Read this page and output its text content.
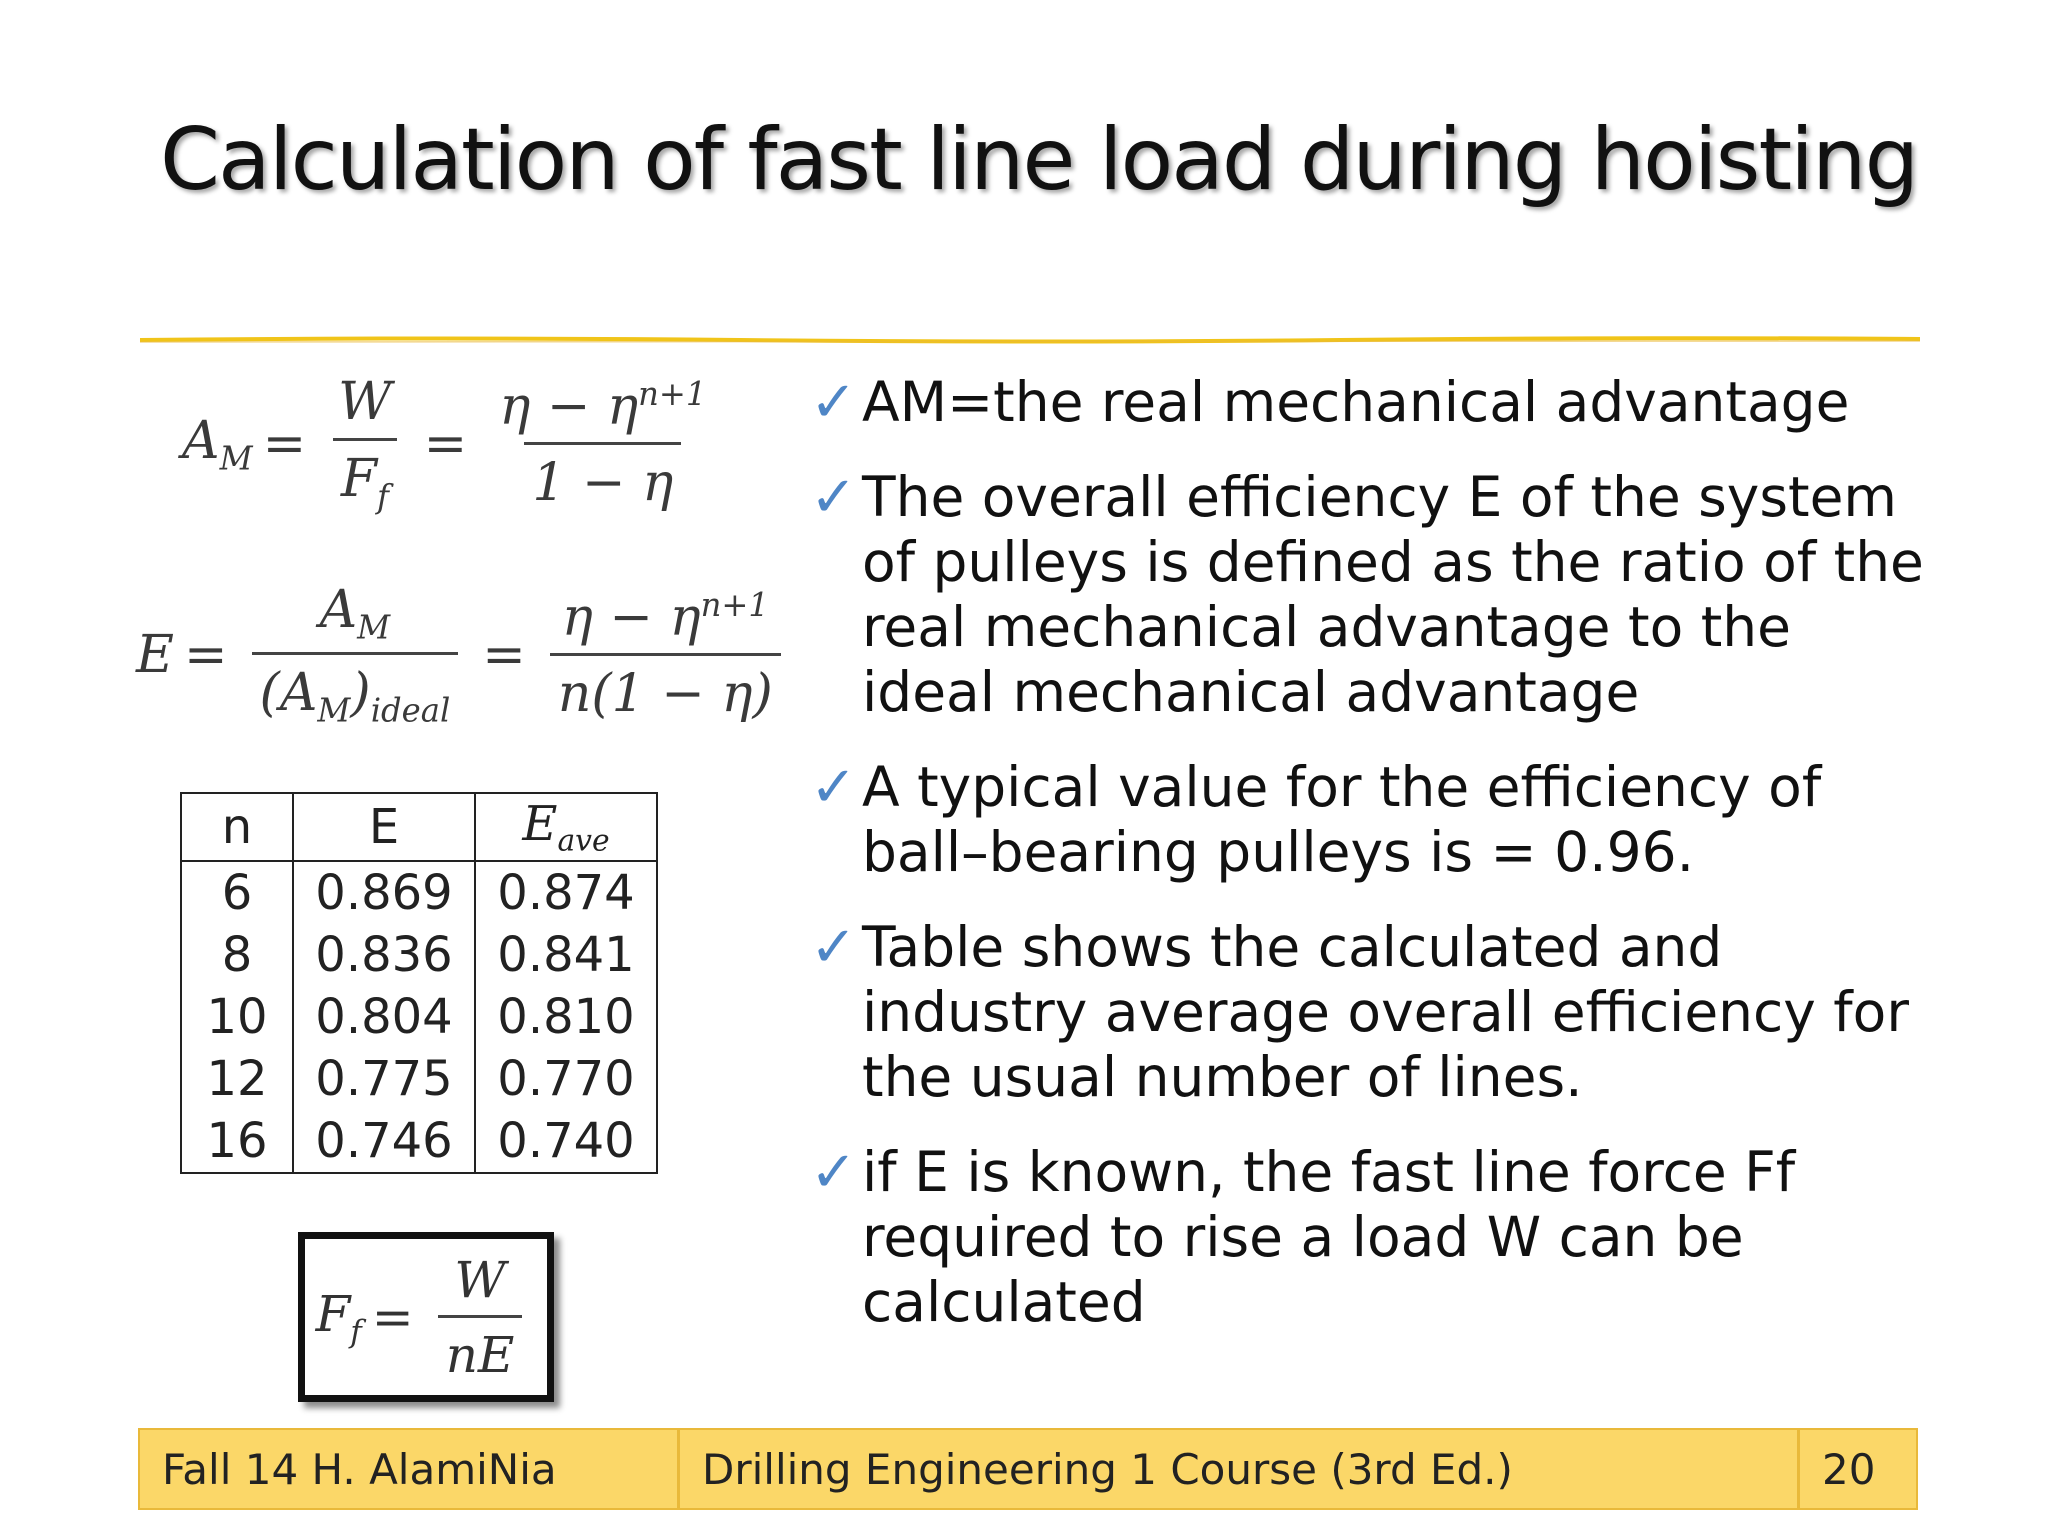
Calculation of fast line load during hoisting
$A_M = \frac{W}{F_f} = \frac{\eta - \eta^{n+1}}{1 - \eta}$
$E = \frac{A_M}{(A_M)_{ideal}} = \frac{\eta - \eta^{n+1}}{n(1 - \eta)}$
n	E	$E_{ave}$
6	0.869	0.874
8	0.836	0.841
10	0.804	0.810
12	0.775	0.770
16	0.746	0.740
$F_f = \frac{W}{nE}$
✓ AM=the real mechanical advantage
✓ The overall efficiency E of the system of pulleys is defined as the ratio of the real mechanical advantage to the ideal mechanical advantage
✓ A typical value for the efficiency of ball–bearing pulleys is = 0.96.
✓ Table shows the calculated and industry average overall efficiency for the usual number of lines.
✓ if E is known, the fast line force Ff required to rise a load W can be calculated
Fall 14 H. AlamiNia	Drilling Engineering 1 Course (3rd Ed.)	20
